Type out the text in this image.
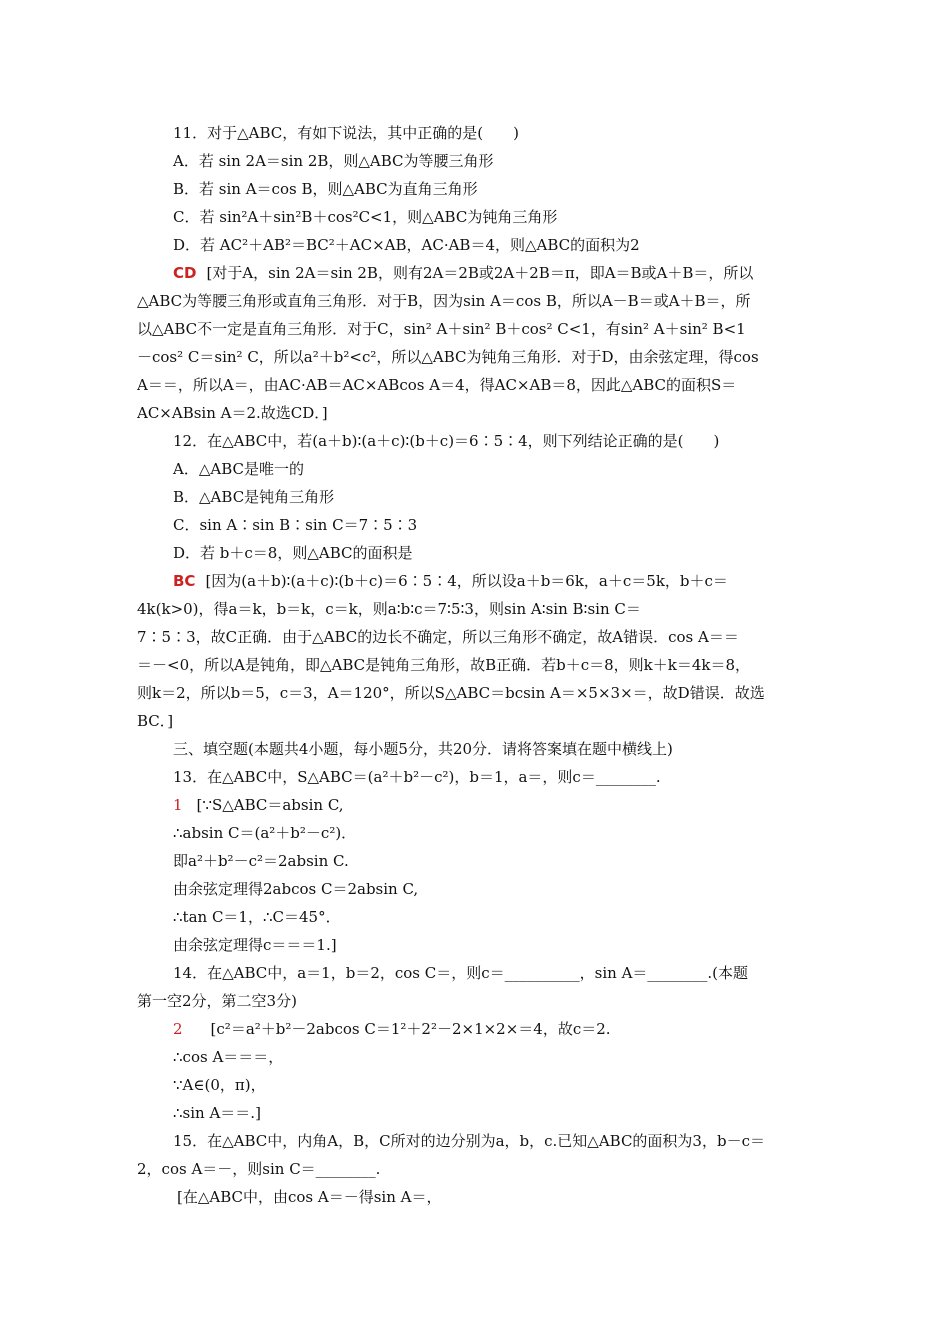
11．对于△ABC，有如下说法，其中正确的是(　　)
A．若 sin 2A＝sin 2B，则△ABC为等腰三角形
B．若 sin A＝cos B，则△ABC为直角三角形
C．若 sin²A＋sin²B＋cos²C<1，则△ABC为钝角三角形
D．若 AC²＋AB²＝BC²＋AC×AB，AC·AB＝4，则△ABC的面积为2
CD [对于A，sin 2A＝sin 2B，则有2A＝2B或2A＋2B＝π，即A＝B或A＋B＝，所以
△ABC为等腰三角形或直角三角形．对于B，因为sin A＝cos B，所以A－B＝或A＋B＝，所
以△ABC不一定是直角三角形．对于C，sin² A＋sin² B＋cos² C<1，有sin² A＋sin² B<1
－cos² C＝sin² C，所以a²＋b²<c²，所以△ABC为钝角三角形．对于D，由余弦定理，得cos
A＝＝，所以A＝，由AC·AB＝AC×ABcos A＝4，得AC×AB＝8，因此△ABC的面积S＝
AC×ABsin A＝2.故选CD．]
12．在△ABC中，若(a＋b)∶(a＋c)∶(b＋c)＝6∶5∶4，则下列结论正确的是(　　)
A．△ABC是唯一的
B．△ABC是钝角三角形
C．sin A∶sin B∶sin C＝7∶5∶3
D．若 b＋c＝8，则△ABC的面积是
BC [因为(a＋b)∶(a＋c)∶(b＋c)＝6∶5∶4，所以设a＋b＝6k，a＋c＝5k，b＋c＝
4k(k>0)，得a＝k，b＝k，c＝k，则a∶b∶c＝7∶5∶3，则sin A∶sin B∶sin C＝
7∶5∶3，故C正确．由于△ABC的边长不确定，所以三角形不确定，故A错误．cos A＝＝
＝－<0，所以A是钝角，即△ABC是钝角三角形，故B正确．若b＋c＝8，则k＋k＝4k＝8，
则k＝2，所以b＝5，c＝3，A＝120°，所以S△ABC＝bcsin A＝×5×3×＝，故D错误．故选
BC．]
三、填空题(本题共4小题，每小题5分，共20分．请将答案填在题中横线上)
13．在△ABC中，S△ABC＝(a²＋b²－c²)，b＝1，a＝，则c＝________.
1 [∵S△ABC＝absin C,
∴absin C＝(a²＋b²－c²)．
即a²＋b²－c²＝2absin C.
由余弦定理得2abcos C＝2absin C,
∴tan C＝1，∴C＝45°．
由余弦定理得c＝＝＝1.]
14．在△ABC中，a＝1，b＝2，cos C＝，则c＝__________，sin A＝________.(本题
第一空2分，第二空3分)
2 [c²＝a²＋b²－2abcos C＝1²＋2²－2×1×2×＝4，故c＝2.
∴cos A＝＝＝，
∵A∈(0，π)，
∴sin A＝＝.]
15．在△ABC中，内角A，B，C所对的边分别为a，b，c.已知△ABC的面积为3，b－c＝
2，cos A＝－，则sin C＝________.
[在△ABC中，由cos A＝－得sin A＝，
